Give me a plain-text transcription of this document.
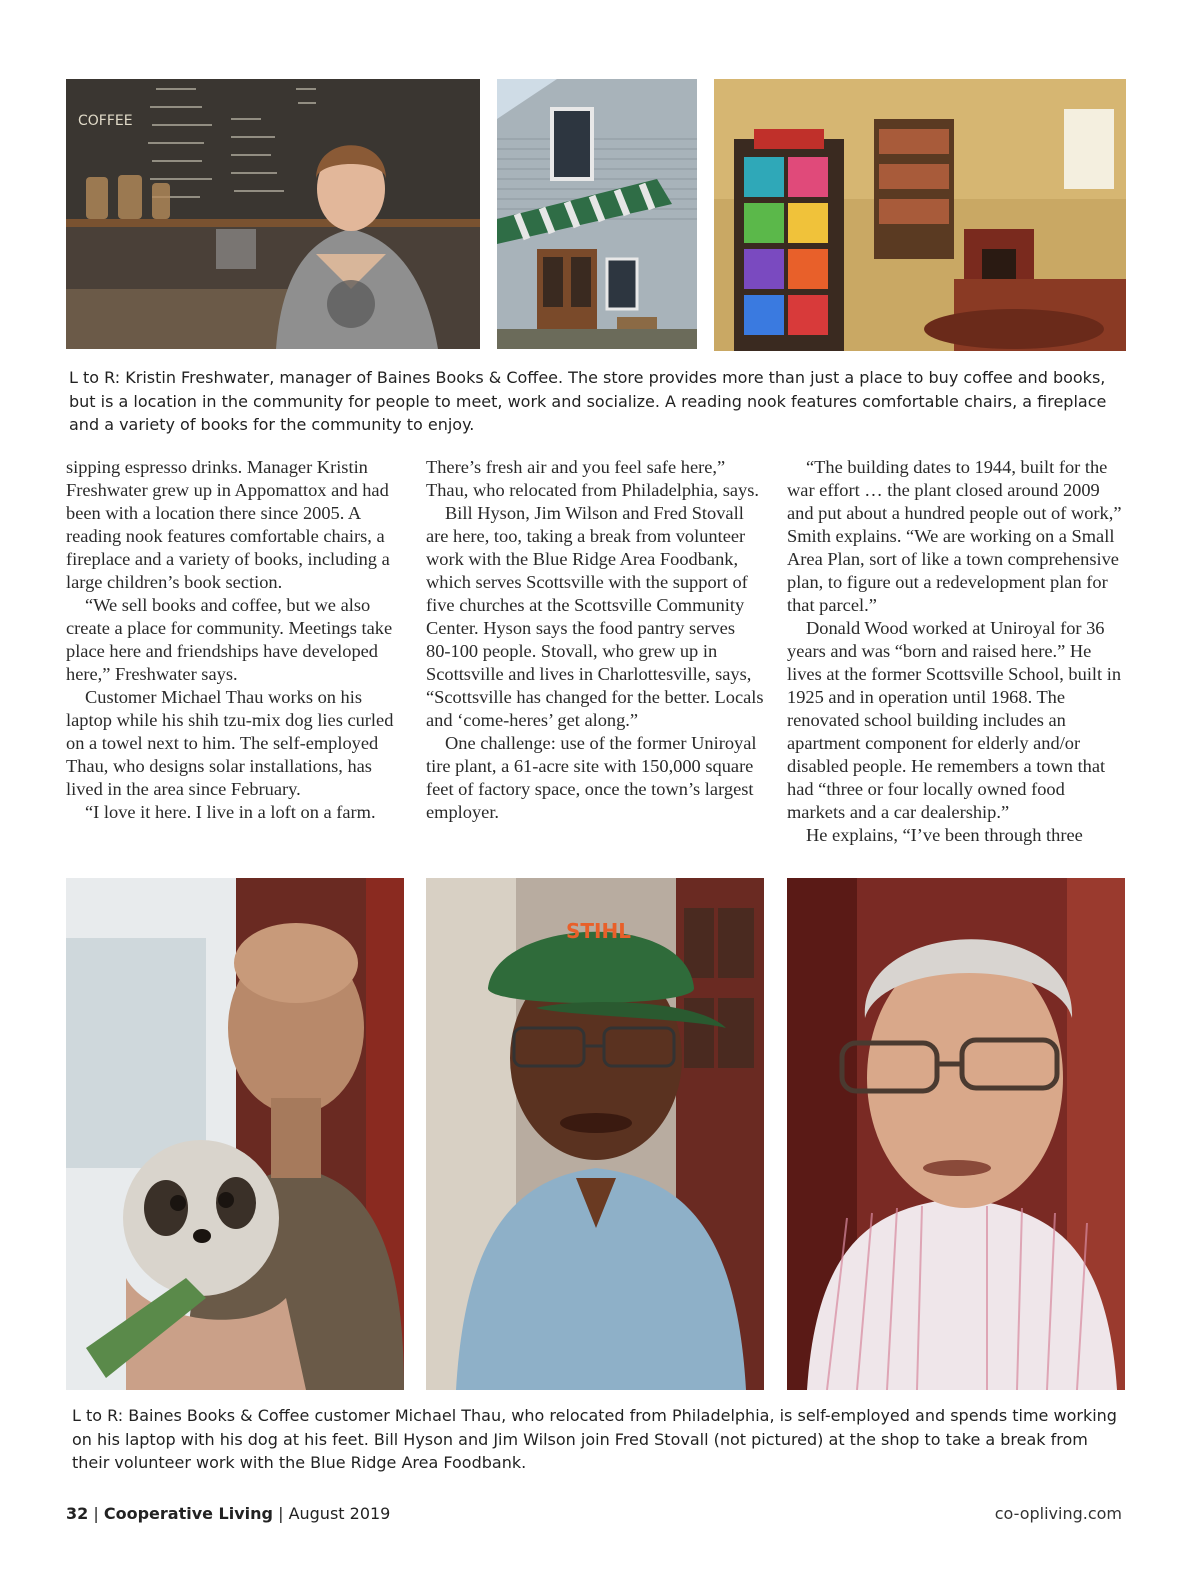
COFFEE
L to R: Kristin Freshwater, manager of Baines Books & Coffee. The store provides more than just a place to buy coffee and books, but is a location in the community for people to meet, work and socialize. A reading nook features comfortable chairs, a fireplace and a variety of books for the community to enjoy.

sipping espresso drinks. Manager Kristin Freshwater grew up in Appomattox and had been with a location there since 2005. A reading nook features comfortable chairs, a fireplace and a variety of books, including a large children’s book section.

“We sell books and coffee, but we also create a place for community. Meetings take place here and friendships have developed here,” Freshwater says.

Customer Michael Thau works on his laptop while his shih tzu-mix dog lies curled on a towel next to him. The self-employed Thau, who designs solar installations, has lived in the area since February.

“I love it here. I live in a loft on a farm.

There’s fresh air and you feel safe here,” Thau, who relocated from Philadelphia, says.

Bill Hyson, Jim Wilson and Fred Stovall are here, too, taking a break from volunteer work with the Blue Ridge Area Foodbank, which serves Scottsville with the support of five churches at the Scottsville Community Center. Hyson says the food pantry serves 80-100 people. Stovall, who grew up in Scottsville and lives in Charlottesville, says, “Scottsville has changed for the better. Locals and ‘come-heres’ get along.”

One challenge: use of the former Uniroyal tire plant, a 61-acre site with 150,000 square feet of factory space, once the town’s largest employer.

“The building dates to 1944, built for the war effort … the plant closed around 2009 and put about a hundred people out of work,” Smith explains. “We are working on a Small Area Plan, sort of like a town comprehensive plan, to figure out a redevelopment plan for that parcel.”

Donald Wood worked at Uniroyal for 36 years and was “born and raised here.” He lives at the former Scottsville School, built in 1925 and in operation until 1968. The renovated school building includes an apartment component for elderly and/or disabled people. He remembers a town that had “three or four locally owned food markets and a car dealership.”

He explains, “I’ve been through three

STIHL
L to R: Baines Books & Coffee customer Michael Thau, who relocated from Philadelphia, is self-employed and spends time working on his laptop with his dog at his feet. Bill Hyson and Jim Wilson join Fred Stovall (not pictured) at the shop to take a break from their volunteer work with the Blue Ridge Area Foodbank.
32 | Cooperative Living | August 2019	co-opliving.com
